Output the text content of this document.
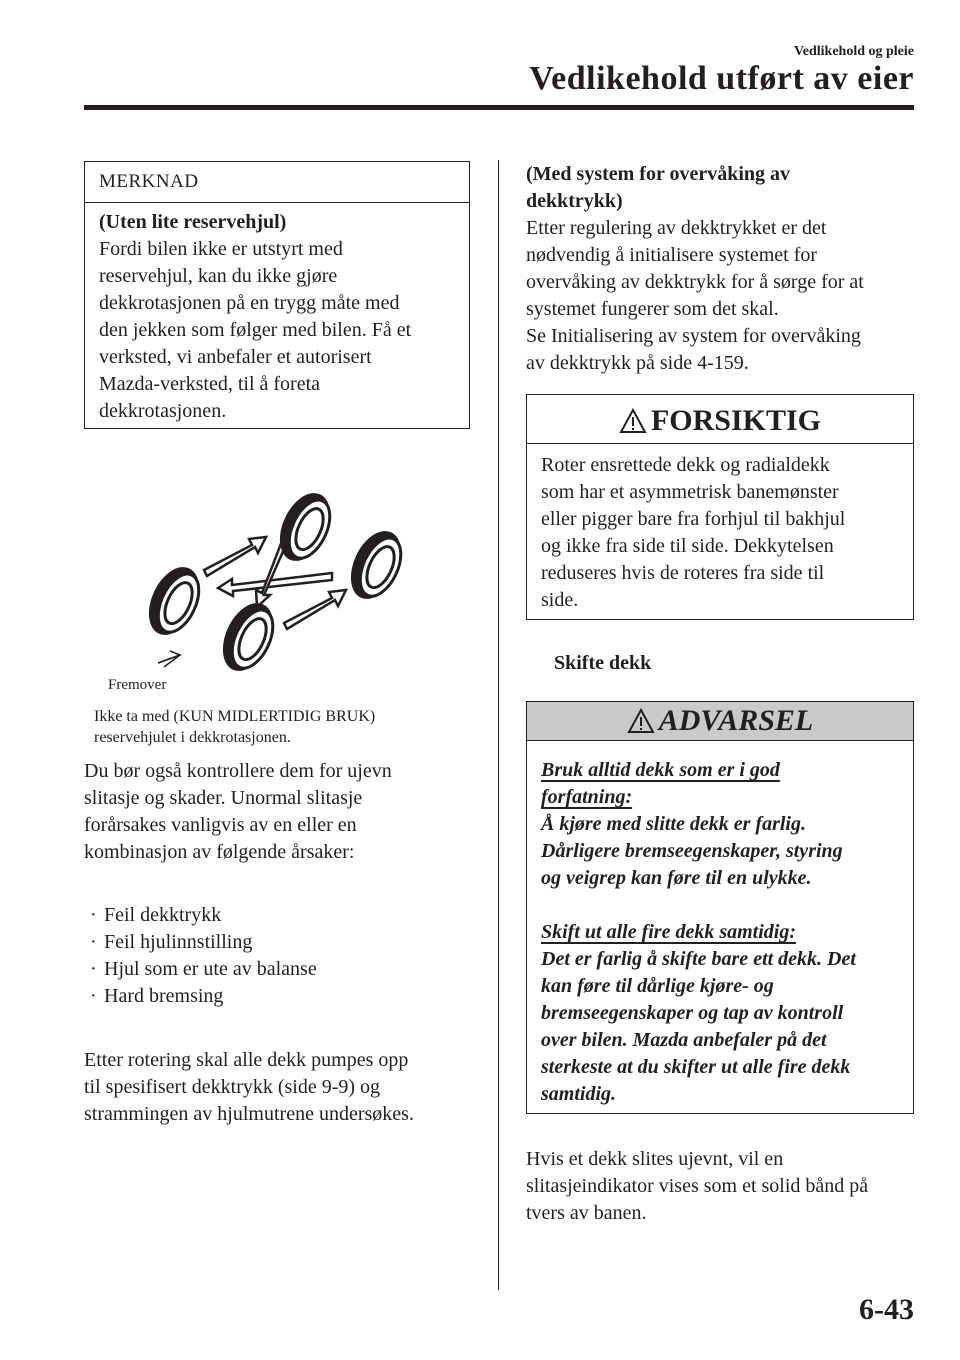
Vedlikehold og pleie
Vedlikehold utført av eier
MERKNAD

(Uten lite reservehjul)

Fordi bilen ikke er utstyrt med

reservehjul, kan du ikke gjøre

dekkrotasjonen på en trygg måte med

den jekken som følger med bilen. Få et

verksted, vi anbefaler et autorisert

Mazda-verksted, til å foreta

dekkrotasjonen.

Fremover

Ikke ta med (KUN MIDLERTIDIG BRUK)

reservehjulet i dekkrotasjonen.

Du bør også kontrollere dem for ujevn

slitasje og skader. Unormal slitasje

forårsakes vanligvis av en eller en

kombinasjon av følgende årsaker:

· Feil dekktrykk
· Feil hjulinnstilling
· Hjul som er ute av balanse
· Hard bremsing

Etter rotering skal alle dekk pumpes opp

til spesifisert dekktrykk (side 9-9) og

strammingen av hjulmutrene undersøkes.

(Med system for overvåking av

dekktrykk)

Etter regulering av dekktrykket er det

nødvendig å initialisere systemet for

overvåking av dekktrykk for å sørge for at

systemet fungerer som det skal.

Se Initialisering av system for overvåking

av dekktrykk på side 4-159.

FORSIKTIG

Roter ensrettede dekk og radialdekk

som har et asymmetrisk banemønster

eller pigger bare fra forhjul til bakhjul

og ikke fra side til side. Dekkytelsen

reduseres hvis de roteres fra side til

side.

Skifte dekk
ADVARSEL

Bruk alltid dekk som er i god

forfatning:

Å kjøre med slitte dekk er farlig.

Dårligere bremseegenskaper, styring

og veigrep kan føre til en ulykke.

Skift ut alle fire dekk samtidig:

Det er farlig å skifte bare ett dekk. Det

kan føre til dårlige kjøre- og

bremseegenskaper og tap av kontroll

over bilen. Mazda anbefaler på det

sterkeste at du skifter ut alle fire dekk

samtidig.

Hvis et dekk slites ujevnt, vil en

slitasjeindikator vises som et solid bånd på

tvers av banen.

6-43
